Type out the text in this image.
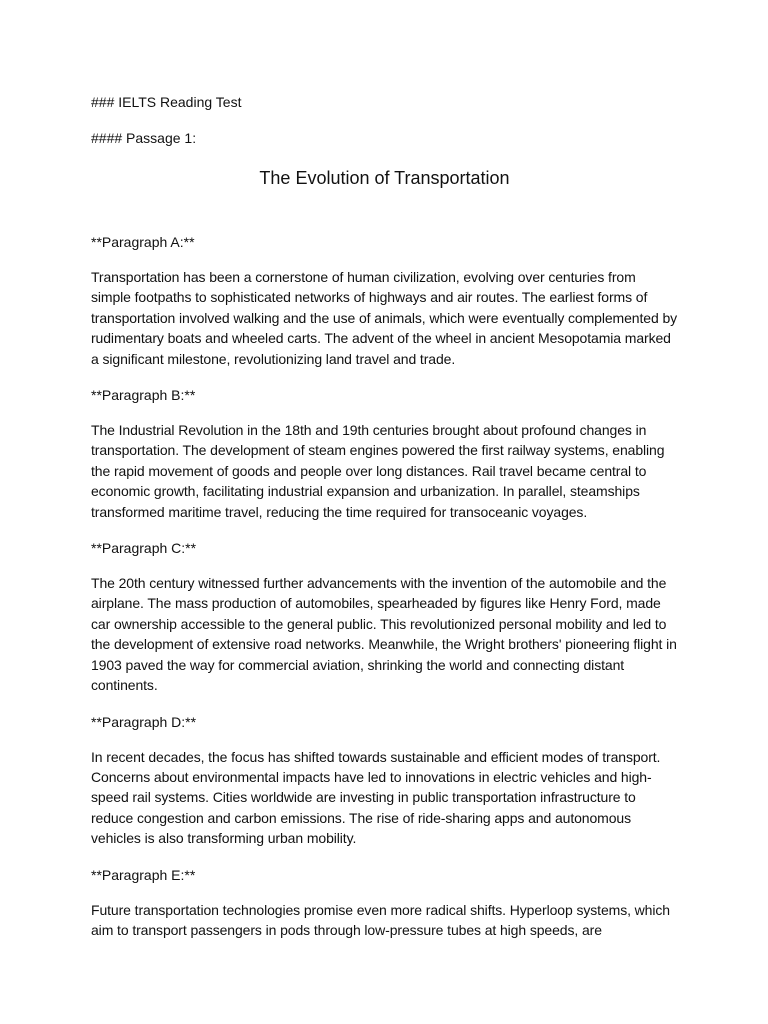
### IELTS Reading Test
#### Passage 1:
The Evolution of Transportation
**Paragraph A:**

Transportation has been a cornerstone of human civilization, evolving over centuries from simple footpaths to sophisticated networks of highways and air routes. The earliest forms of transportation involved walking and the use of animals, which were eventually complemented by rudimentary boats and wheeled carts. The advent of the wheel in ancient Mesopotamia marked a significant milestone, revolutionizing land travel and trade.

**Paragraph B:**

The Industrial Revolution in the 18th and 19th centuries brought about profound changes in transportation. The development of steam engines powered the first railway systems, enabling the rapid movement of goods and people over long distances. Rail travel became central to economic growth, facilitating industrial expansion and urbanization. In parallel, steamships transformed maritime travel, reducing the time required for transoceanic voyages.

**Paragraph C:**

The 20th century witnessed further advancements with the invention of the automobile and the airplane. The mass production of automobiles, spearheaded by figures like Henry Ford, made car ownership accessible to the general public. This revolutionized personal mobility and led to the development of extensive road networks. Meanwhile, the Wright brothers' pioneering flight in 1903 paved the way for commercial aviation, shrinking the world and connecting distant continents.

**Paragraph D:**

In recent decades, the focus has shifted towards sustainable and efficient modes of transport. Concerns about environmental impacts have led to innovations in electric vehicles and high-speed rail systems. Cities worldwide are investing in public transportation infrastructure to reduce congestion and carbon emissions. The rise of ride-sharing apps and autonomous vehicles is also transforming urban mobility.

**Paragraph E:**

Future transportation technologies promise even more radical shifts. Hyperloop systems, which aim to transport passengers in pods through low-pressure tubes at high speeds, are
